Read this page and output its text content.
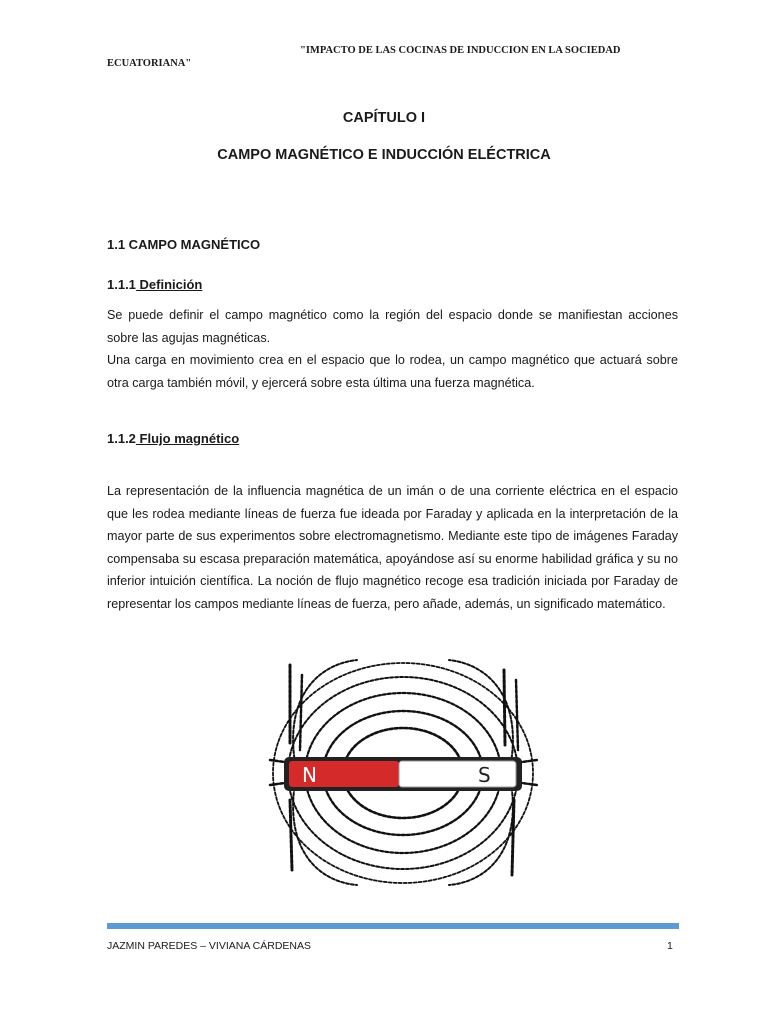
"IMPACTO DE LAS COCINAS DE INDUCCION EN LA SOCIEDAD
ECUATORIANA"
CAPÍTULO I
CAMPO MAGNÉTICO E INDUCCIÓN ELÉCTRICA
1.1 CAMPO MAGNÉTICO
1.1.1 Definición

Se puede definir el campo magnético como la región del espacio donde se manifiestan acciones sobre las agujas magnéticas.

Una carga en movimiento crea en el espacio que lo rodea, un campo magnético que actuará sobre otra carga también móvil, y ejercerá sobre esta última una fuerza magnética.

1.1.2 Flujo magnético

La representación de la influencia magnética de un imán o de una corriente eléctrica en el espacio que les rodea mediante líneas de fuerza fue ideada por Faraday y aplicada en la interpretación de la mayor parte de sus experimentos sobre electromagnetismo. Mediante este tipo de imágenes Faraday compensaba su escasa preparación matemática, apoyándose así su enorme habilidad gráfica y su no inferior intuición científica. La noción de flujo magnético recoge esa tradición iniciada por Faraday de representar los campos mediante líneas de fuerza, pero añade, además, un significado matemático.

N	S
JAZMIN PAREDES – VIVIANA CÁRDENAS	1
